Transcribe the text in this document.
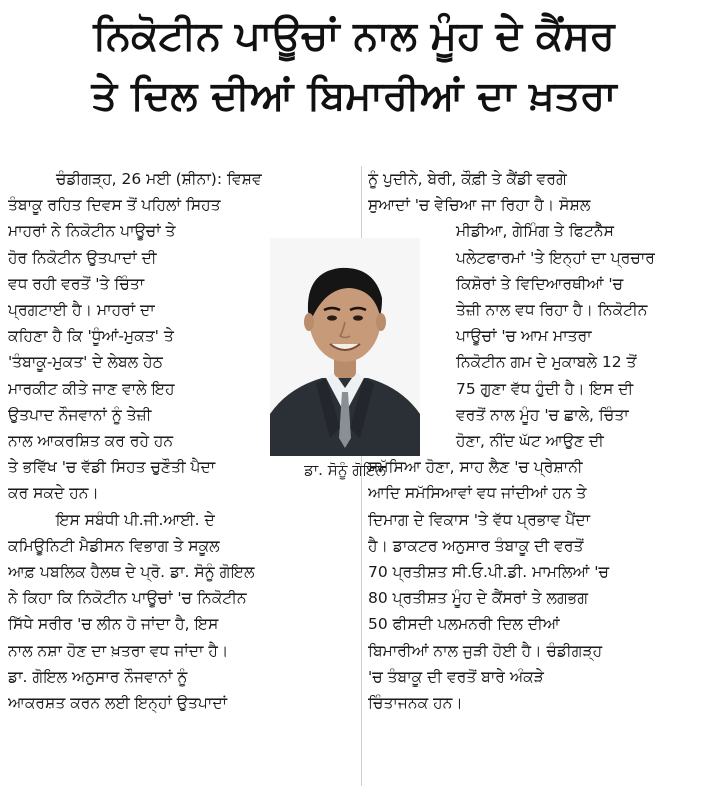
ਨਿਕੋਟੀਨ ਪਾਊਚਾਂ ਨਾਲ ਮੂੰਹ ਦੇ ਕੈਂਸਰ
ਤੇ ਦਿਲ ਦੀਆਂ ਬਿਮਾਰੀਆਂ ਦਾ ਖ਼ਤਰਾ
ਚੰਡੀਗੜ੍ਹ, 26 ਮਈ (ਸ਼ੀਨਾ): ਵਿਸ਼ਵ
ਤੰਬਾਕੂ ਰਹਿਤ ਦਿਵਸ ਤੋਂ ਪਹਿਲਾਂ ਸਿਹਤ
ਮਾਹਰਾਂ ਨੇ ਨਿਕੋਟੀਨ ਪਾਊਚਾਂ ਤੇ
ਹੋਰ ਨਿਕੋਟੀਨ ਉਤਪਾਦਾਂ ਦੀ
ਵਧ ਰਹੀ ਵਰਤੋਂ 'ਤੇ ਚਿੰਤਾ
ਪ੍ਰਗਟਾਈ ਹੈ। ਮਾਹਰਾਂ ਦਾ
ਕਹਿਣਾ ਹੈ ਕਿ 'ਧੂੰਆਂ-ਮੁਕਤ' ਤੇ
'ਤੰਬਾਕੂ-ਮੁਕਤ' ਦੇ ਲੇਬਲ ਹੇਠ
ਮਾਰਕੀਟ ਕੀਤੇ ਜਾਣ ਵਾਲੇ ਇਹ
ਉਤਪਾਦ ਨੌਜਵਾਨਾਂ ਨੂੰ ਤੇਜ਼ੀ
ਨਾਲ ਆਕਰਸ਼ਿਤ ਕਰ ਰਹੇ ਹਨ
ਤੇ ਭਵਿੱਖ 'ਚ ਵੱਡੀ ਸਿਹਤ ਚੁਣੌਤੀ ਪੈਦਾ
ਕਰ ਸਕਦੇ ਹਨ।
ਇਸ ਸਬੰਧੀ ਪੀ.ਜੀ.ਆਈ. ਦੇ
ਕਮਿਊਨਿਟੀ ਮੈਡੀਸਨ ਵਿਭਾਗ ਤੇ ਸਕੂਲ
ਆਫ਼ ਪਬਲਿਕ ਹੈਲਥ ਦੇ ਪ੍ਰੋ. ਡਾ. ਸੋਨੂੰ ਗੋਇਲ
ਨੇ ਕਿਹਾ ਕਿ ਨਿਕੋਟੀਨ ਪਾਊਚਾਂ 'ਚ ਨਿਕੋਟੀਨ
ਸਿੱਧੇ ਸਰੀਰ 'ਚ ਲੀਨ ਹੋ ਜਾਂਦਾ ਹੈ, ਇਸ
ਨਾਲ ਨਸ਼ਾ ਹੋਣ ਦਾ ਖ਼ਤਰਾ ਵਧ ਜਾਂਦਾ ਹੈ।
ਡਾ. ਗੋਇਲ ਅਨੁਸਾਰ ਨੌਜਵਾਨਾਂ ਨੂੰ
ਆਕਰਸ਼ਤ ਕਰਨ ਲਈ ਇਨ੍ਹਾਂ ਉਤਪਾਦਾਂ
ਨੂੰ ਪੁਦੀਨੇ, ਬੇਰੀ, ਕੌਫ਼ੀ ਤੇ ਕੈਂਡੀ ਵਰਗੇ
ਸੁਆਦਾਂ 'ਚ ਵੇਚਿਆ ਜਾ ਰਿਹਾ ਹੈ। ਸੋਸ਼ਲ
ਮੀਡੀਆ, ਗੇਮਿੰਗ ਤੇ ਫਿਟਨੈੱਸ
ਪਲੇਟਫਾਰਮਾਂ 'ਤੇ ਇਨ੍ਹਾਂ ਦਾ ਪ੍ਰਚਾਰ
ਕਿਸ਼ੋਰਾਂ ਤੇ ਵਿਦਿਆਰਥੀਆਂ 'ਚ
ਤੇਜ਼ੀ ਨਾਲ ਵਧ ਰਿਹਾ ਹੈ। ਨਿਕੋਟੀਨ
ਪਾਊਚਾਂ 'ਚ ਆਮ ਮਾਤਰਾ
ਨਿਕੋਟੀਨ ਗਮ ਦੇ ਮੁਕਾਬਲੇ 12 ਤੋਂ
75 ਗੁਣਾ ਵੱਧ ਹੁੰਦੀ ਹੈ। ਇਸ ਦੀ
ਵਰਤੋਂ ਨਾਲ ਮੂੰਹ 'ਚ ਛਾਲੇ, ਚਿੰਤਾ
ਹੋਣਾ, ਨੀਂਦ ਘੱਟ ਆਉਣ ਦੀ
ਸਮੱਸਿਆ ਹੋਣਾ, ਸਾਹ ਲੈਣ 'ਚ ਪ੍ਰੇਸ਼ਾਨੀ
ਆਦਿ ਸਮੱਸਿਆਵਾਂ ਵਧ ਜਾਂਦੀਆਂ ਹਨ ਤੇ
ਦਿਮਾਗ ਦੇ ਵਿਕਾਸ 'ਤੇ ਵੱਧ ਪ੍ਰਭਾਵ ਪੈਂਦਾ
ਹੈ। ਡਾਕਟਰ ਅਨੁਸਾਰ ਤੰਬਾਕੂ ਦੀ ਵਰਤੋਂ
70 ਪ੍ਰਤੀਸ਼ਤ ਸੀ.ਓ.ਪੀ.ਡੀ. ਮਾਮਲਿਆਂ 'ਚ
80 ਪ੍ਰਤੀਸ਼ਤ ਮੂੰਹ ਦੇ ਕੈਂਸਰਾਂ ਤੇ ਲਗਭਗ
50 ਫੀਸਦੀ ਪਲਮਨਰੀ ਦਿਲ ਦੀਆਂ
ਬਿਮਾਰੀਆਂ ਨਾਲ ਜੁੜੀ ਹੋਈ ਹੈ। ਚੰਡੀਗੜ੍ਹ
'ਚ ਤੰਬਾਕੂ ਦੀ ਵਰਤੋਂ ਬਾਰੇ ਅੰਕੜੇ
ਚਿੰਤਾਜਨਕ ਹਨ।
ਡਾ. ਸੋਨੂੰ ਗੋਇਲ
